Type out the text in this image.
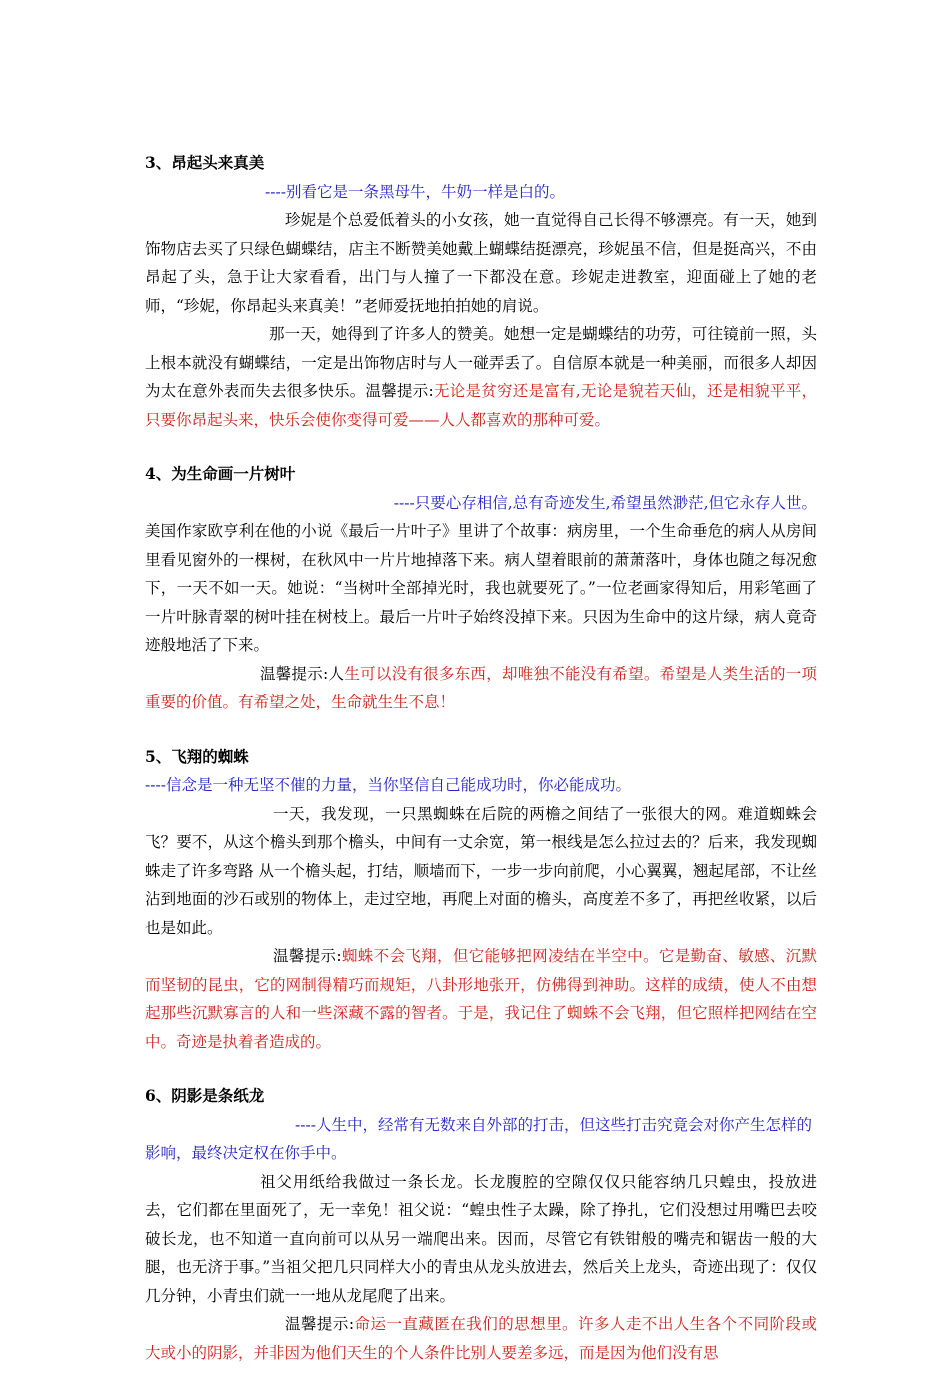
3、昂起头来真美

----别看它是一条黑母牛，牛奶一样是白的。

珍妮是个总爱低着头的小女孩，她一直觉得自己长得不够漂亮。有一天，她到饰物店去买了只绿色蝴蝶结，店主不断赞美她戴上蝴蝶结挺漂亮，珍妮虽不信，但是挺高兴，不由昂起了头，急于让大家看看，出门与人撞了一下都没在意。珍妮走进教室，迎面碰上了她的老师，“珍妮，你昂起头来真美！”老师爱抚地拍拍她的肩说。

那一天，她得到了许多人的赞美。她想一定是蝴蝶结的功劳，可往镜前一照，头上根本就没有蝴蝶结，一定是出饰物店时与人一碰弄丢了。自信原本就是一种美丽，而很多人却因为太在意外表而失去很多快乐。温馨提示:无论是贫穷还是富有,无论是貌若天仙，还是相貌平平，只要你昂起头来，快乐会使你变得可爱——人人都喜欢的那种可爱。

4、为生命画一片树叶

----只要心存相信,总有奇迹发生,希望虽然渺茫,但它永存人世。

美国作家欧亨利在他的小说《最后一片叶子》里讲了个故事：病房里，一个生命垂危的病人从房间里看见窗外的一棵树，在秋风中一片片地掉落下来。病人望着眼前的萧萧落叶，身体也随之每况愈下，一天不如一天。她说：“当树叶全部掉光时，我也就要死了。”一位老画家得知后，用彩笔画了一片叶脉青翠的树叶挂在树枝上。最后一片叶子始终没掉下来。只因为生命中的这片绿，病人竟奇迹般地活了下来。

温馨提示:人生可以没有很多东西，却唯独不能没有希望。希望是人类生活的一项重要的价值。有希望之处，生命就生生不息！

5、飞翔的蜘蛛

----信念是一种无坚不催的力量，当你坚信自己能成功时，你必能成功。

一天，我发现，一只黑蜘蛛在后院的两檐之间结了一张很大的网。难道蜘蛛会飞？要不，从这个檐头到那个檐头，中间有一丈余宽，第一根线是怎么拉过去的？后来，我发现蜘蛛走了许多弯路 从一个檐头起，打结，顺墙而下，一步一步向前爬，小心翼翼，翘起尾部，不让丝沾到地面的沙石或别的物体上，走过空地，再爬上对面的檐头，高度差不多了，再把丝收紧，以后也是如此。

温馨提示:蜘蛛不会飞翔，但它能够把网凌结在半空中。它是勤奋、敏感、沉默而坚韧的昆虫，它的网制得精巧而规矩，八卦形地张开，仿佛得到神助。这样的成绩，使人不由想起那些沉默寡言的人和一些深藏不露的智者。于是，我记住了蜘蛛不会飞翔，但它照样把网结在空中。奇迹是执着者造成的。

6、阴影是条纸龙

----人生中，经常有无数来自外部的打击，但这些打击究竟会对你产生怎样的影响，最终决定权在你手中。

祖父用纸给我做过一条长龙。长龙腹腔的空隙仅仅只能容纳几只蝗虫，投放进去，它们都在里面死了，无一幸免！祖父说：“蝗虫性子太躁，除了挣扎，它们没想过用嘴巴去咬破长龙，也不知道一直向前可以从另一端爬出来。因而，尽管它有铁钳般的嘴壳和锯齿一般的大腿，也无济于事。”当祖父把几只同样大小的青虫从龙头放进去，然后关上龙头，奇迹出现了：仅仅几分钟，小青虫们就一一地从龙尾爬了出来。

温馨提示:命运一直藏匿在我们的思想里。许多人走不出人生各个不同阶段或大或小的阴影，并非因为他们天生的个人条件比别人要差多远，而是因为他们没有思
